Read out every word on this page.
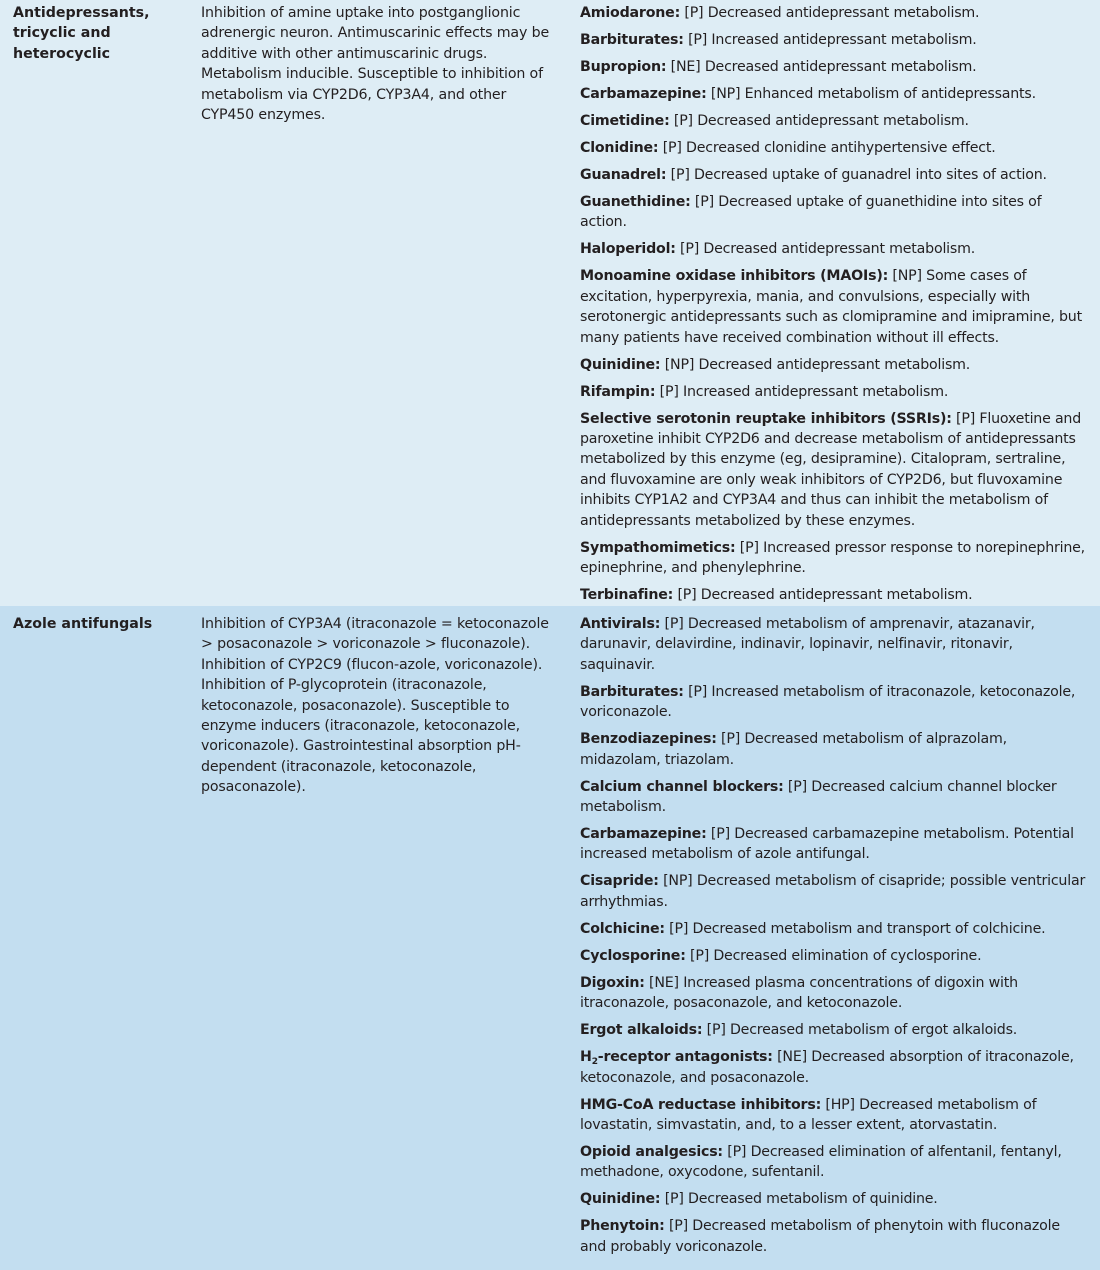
Antidepressants, tricyclic and heterocyclic
Inhibition of amine uptake into postganglionic adrenergic neuron. Antimuscarinic effects may be additive with other antimuscarinic drugs. Metabolism inducible. Susceptible to inhibition of metabolism via CYP2D6, CYP3A4, and other CYP450 enzymes.

Amiodarone: [P] Decreased antidepressant metabolism.

Barbiturates: [P] Increased antidepressant metabolism.

Bupropion: [NE] Decreased antidepressant metabolism.

Carbamazepine: [NP] Enhanced metabolism of antidepressants.

Cimetidine: [P] Decreased antidepressant metabolism.

Clonidine: [P] Decreased clonidine antihypertensive effect.

Guanadrel: [P] Decreased uptake of guanadrel into sites of action.

Guanethidine: [P] Decreased uptake of guanethidine into sites of action.

Haloperidol: [P] Decreased antidepressant metabolism.

Monoamine oxidase inhibitors (MAOIs): [NP] Some cases of excitation, hyperpyrexia, mania, and convulsions, especially with serotonergic antidepressants such as clomipramine and imipramine, but many patients have received combination without ill effects.

Quinidine: [NP] Decreased antidepressant metabolism.

Rifampin: [P] Increased antidepressant metabolism.

Selective serotonin reuptake inhibitors (SSRIs): [P] Fluoxetine and paroxetine inhibit CYP2D6 and decrease metabolism of antidepressants metabolized by this enzyme (eg, desipramine). Citalopram, sertraline, and fluvoxamine are only weak inhibitors of CYP2D6, but fluvoxamine inhibits CYP1A2 and CYP3A4 and thus can inhibit the metabolism of antidepressants metabolized by these enzymes.

Sympathomimetics: [P] Increased pressor response to norepinephrine, epinephrine, and phenylephrine.

Terbinafine: [P] Decreased antidepressant metabolism.

Azole antifungals	Inhibition of CYP3A4 (itraconazole = ketoconazole > posaconazole > voriconazole > fluconazole). Inhibition of CYP2C9 (flucon-azole, voriconazole). Inhibition of P-glycoprotein (itraconazole, ketoconazole, posaconazole). Susceptible to enzyme inducers (itraconazole, ketoconazole, voriconazole). Gastrointestinal absorption pH-dependent (itraconazole, ketoconazole, posaconazole).

Antivirals: [P] Decreased metabolism of amprenavir, atazanavir, darunavir, delavirdine, indinavir, lopinavir, nelfinavir, ritonavir, saquinavir.

Barbiturates: [P] Increased metabolism of itraconazole, ketoconazole, voriconazole.

Benzodiazepines: [P] Decreased metabolism of alprazolam, midazolam, triazolam.

Calcium channel blockers: [P] Decreased calcium channel blocker metabolism.

Carbamazepine: [P] Decreased carbamazepine metabolism. Potential increased metabolism of azole antifungal.

Cisapride: [NP] Decreased metabolism of cisapride; possible ventricular arrhythmias.

Colchicine: [P] Decreased metabolism and transport of colchicine.

Cyclosporine: [P] Decreased elimination of cyclosporine.

Digoxin: [NE] Increased plasma concentrations of digoxin with itraconazole, posaconazole, and ketoconazole.

Ergot alkaloids: [P] Decreased metabolism of ergot alkaloids.

$H_2$-receptor antagonists: [NE] Decreased absorption of itraconazole, ketoconazole, and posaconazole.

HMG-CoA reductase inhibitors: [HP] Decreased metabolism of lovastatin, simvastatin, and, to a lesser extent, atorvastatin.

Opioid analgesics: [P] Decreased elimination of alfentanil, fentanyl, methadone, oxycodone, sufentanil.

Quinidine: [P] Decreased metabolism of quinidine.

Phenytoin: [P] Decreased metabolism of phenytoin with fluconazole and probably voriconazole.
